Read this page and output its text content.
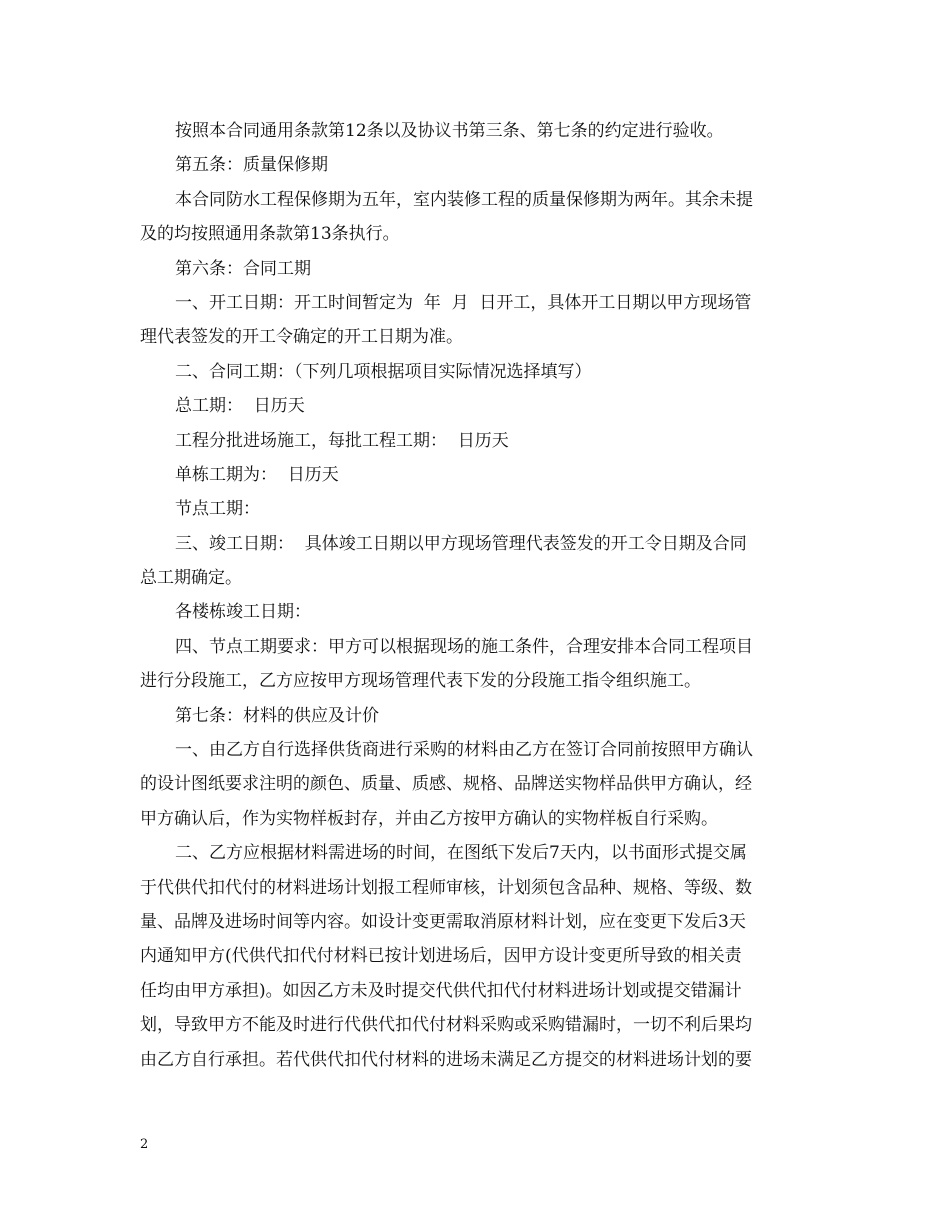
按照本合同通用条款第12条以及协议书第三条、第七条的约定进行验收。
第五条：质量保修期
本合同防水工程保修期为五年，室内装修工程的质量保修期为两年。其余未提
及的均按照通用条款第13条执行。
第六条：合同工期
一、开工日期：开工时间暂定为  年  月  日开工，具体开工日期以甲方现场管
理代表签发的开工令确定的开工日期为准。
二、合同工期：（下列几项根据项目实际情况选择填写）
总工期：  日历天
工程分批进场施工，每批工程工期：  日历天
单栋工期为：  日历天
节点工期：
三、竣工日期：  具体竣工日期以甲方现场管理代表签发的开工令日期及合同
总工期确定。
各楼栋竣工日期：
四、节点工期要求：甲方可以根据现场的施工条件，合理安排本合同工程项目
进行分段施工，乙方应按甲方现场管理代表下发的分段施工指令组织施工。
第七条：材料的供应及计价
一、由乙方自行选择供货商进行采购的材料由乙方在签订合同前按照甲方确认
的设计图纸要求注明的颜色、质量、质感、规格、品牌送实物样品供甲方确认，经
甲方确认后，作为实物样板封存，并由乙方按甲方确认的实物样板自行采购。
二、乙方应根据材料需进场的时间，在图纸下发后7天内，以书面形式提交属
于代供代扣代付的材料进场计划报工程师审核，计划须包含品种、规格、等级、数
量、品牌及进场时间等内容。如设计变更需取消原材料计划，应在变更下发后3天
内通知甲方(代供代扣代付材料已按计划进场后，因甲方设计变更所导致的相关责
任均由甲方承担)。如因乙方未及时提交代供代扣代付材料进场计划或提交错漏计
划，导致甲方不能及时进行代供代扣代付材料采购或采购错漏时，一切不利后果均
由乙方自行承担。若代供代扣代付材料的进场未满足乙方提交的材料进场计划的要
2
